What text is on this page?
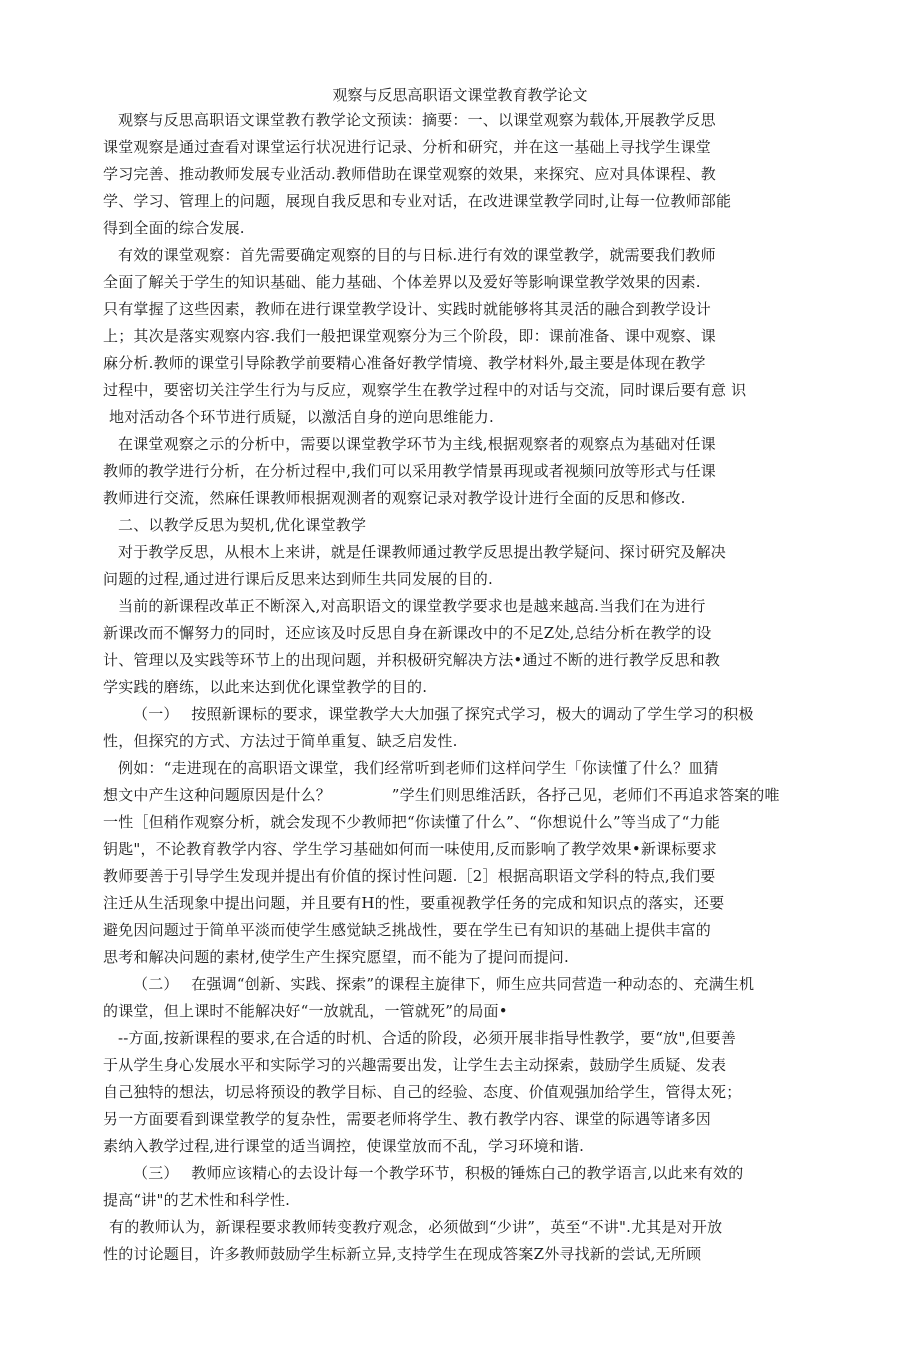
观察与反思高职语文课堂教育教学论文
观察与反思高职语文课堂教冇教学论文预读：摘要：一、以课堂观察为载体,开展教学反思
课堂观察是通过查看对课堂运行状况进行记录、分析和研究，并在这一基础上寻找学生课堂
学习完善、推动教师发展专业活动.教师借助在课堂观察的效果，来探究、应对具体课程、教
学、学习、管理上的问题，展现自我反思和专业对话，在改进课堂教学同时,让每一位教师部能
得到全面的综合发展.
有效的课堂观察：首先需要确定观察的目的与日标.进行有效的课堂教学，就需要我们教师
全面了解关于学生的知识基础、能力基础、个体差界以及爱好等影响课堂教学效果的因素.
只有掌握了这些因素，教师在进行课堂教学设计、实践时就能够将其灵活的融合到教学设计
上；其次是落实观察内容.我们一般把课堂观察分为三个阶段，即：课前准备、课中观察、课
麻分析.教师的课堂引导除教学前要精心准备好教学情境、教学材料外,最主要是体现在教学
过程中，要密切关注学生行为与反应，观察学生在教学过程中的对话与交流，同时课后要有意 识
地对活动各个环节进行质疑，以激活自身的逆向思维能力.
在课堂观察之示的分析中，需要以课堂教学环节为主线,根据观察者的观察点为基础对任课
教师的教学进行分析，在分析过程中,我们可以采用教学情景再现或者视频冋放等形式与任课
教师进行交流，然麻任课教师根据观测者的观察记录对教学设计进行全面的反思和修改.
二、以教学反思为契机,优化课堂教学
对于教学反思，从根木上来讲，就是任课教师通过教学反思提出教学疑问、探讨研究及解决
问题的过程,通过进行课后反思来达到师生共同发展的目的.
当前的新课程改革正不断深入,对高职语文的课堂教学要求也是越来越高.当我们在为进行
新课改而不懈努力的同时，还应该及吋反思自身在新课改中的不足Z处,总结分析在教学的设
计、管理以及实践等环节上的出现问题，并积极研究解决方法•通过不断的进行教学反思和教
学实践的磨练，以此来达到优化课堂教学的目的.
（一）　 按照新课标的要求，课堂教学大大加强了探究式学习，极大的调动了学生学习的积极
性，但探究的方式、方法过于简单重复、缺乏启发性.
例如：“走进现在的高职语文课堂，我们经常听到老师们这样问学生「你读懂了什么？皿猜
想文中产生这种问题原因是什么？　　　　”学生们则思维活跃，各抒己见，老师们不再追求答案的唯
一性［但稍作观察分析，就会发现不少教师把“你读懂了什么”、“你想说什么”等当成了“力能
钥匙"，不论教育教学内容、学生学习基础如何而一味使用,反而影响了教学效果•新课标要求
教师要善于引导学生发现并提出有价值的探讨性问题.［2］根据高职语文学科的特点,我们要
注迁从生活现象中提出问题，并且要有H的性，要重视教学任务的完成和知识点的落实，还要
避免因问题过于简单平淡而使学生感觉缺乏挑战性，要在学生已有知识的基础上提供丰富的
思考和解决问题的素材,使学生产生探究愿望，而不能为了提问而提问.
（二）　 在强调“创新、实践、探索”的课程主旋律下，师生应共同营造一种动态的、充满生机
的课堂，但上课时不能解决好“一放就乱，一管就死”的局面•
--方面,按新课程的要求,在合适的时机、合适的阶段，必须开展非指导性教学，要“放",但要善
于从学生身心发展水平和实际学习的兴趣需要出发，让学生去主动探索，鼓励学生质疑、发表
自己独特的想法，切忌将预设的教学目标、自己的经验、态度、价值观强加给学生，管得太死；
另一方面要看到课堂教学的复杂性，需要老师将学生、教冇教学内容、课堂的际遇等诸多因
素纳入教学过程,进行课堂的适当调控，使课堂放而不乱，学习环境和谐.
（三）　 教师应该精心的去设计每一个教学环节，积极的锤炼白己的教学语言,以此来有效的
提高“讲"的艺术性和科学性.
有的教师认为，新课程要求教师转变教疗观念，必须做到“少讲”，英至“不讲".尤其是对开放
性的讨论题目，许多教师鼓励学生标新立异,支持学生在现成答案Z外寻找新的尝试,无所顾
